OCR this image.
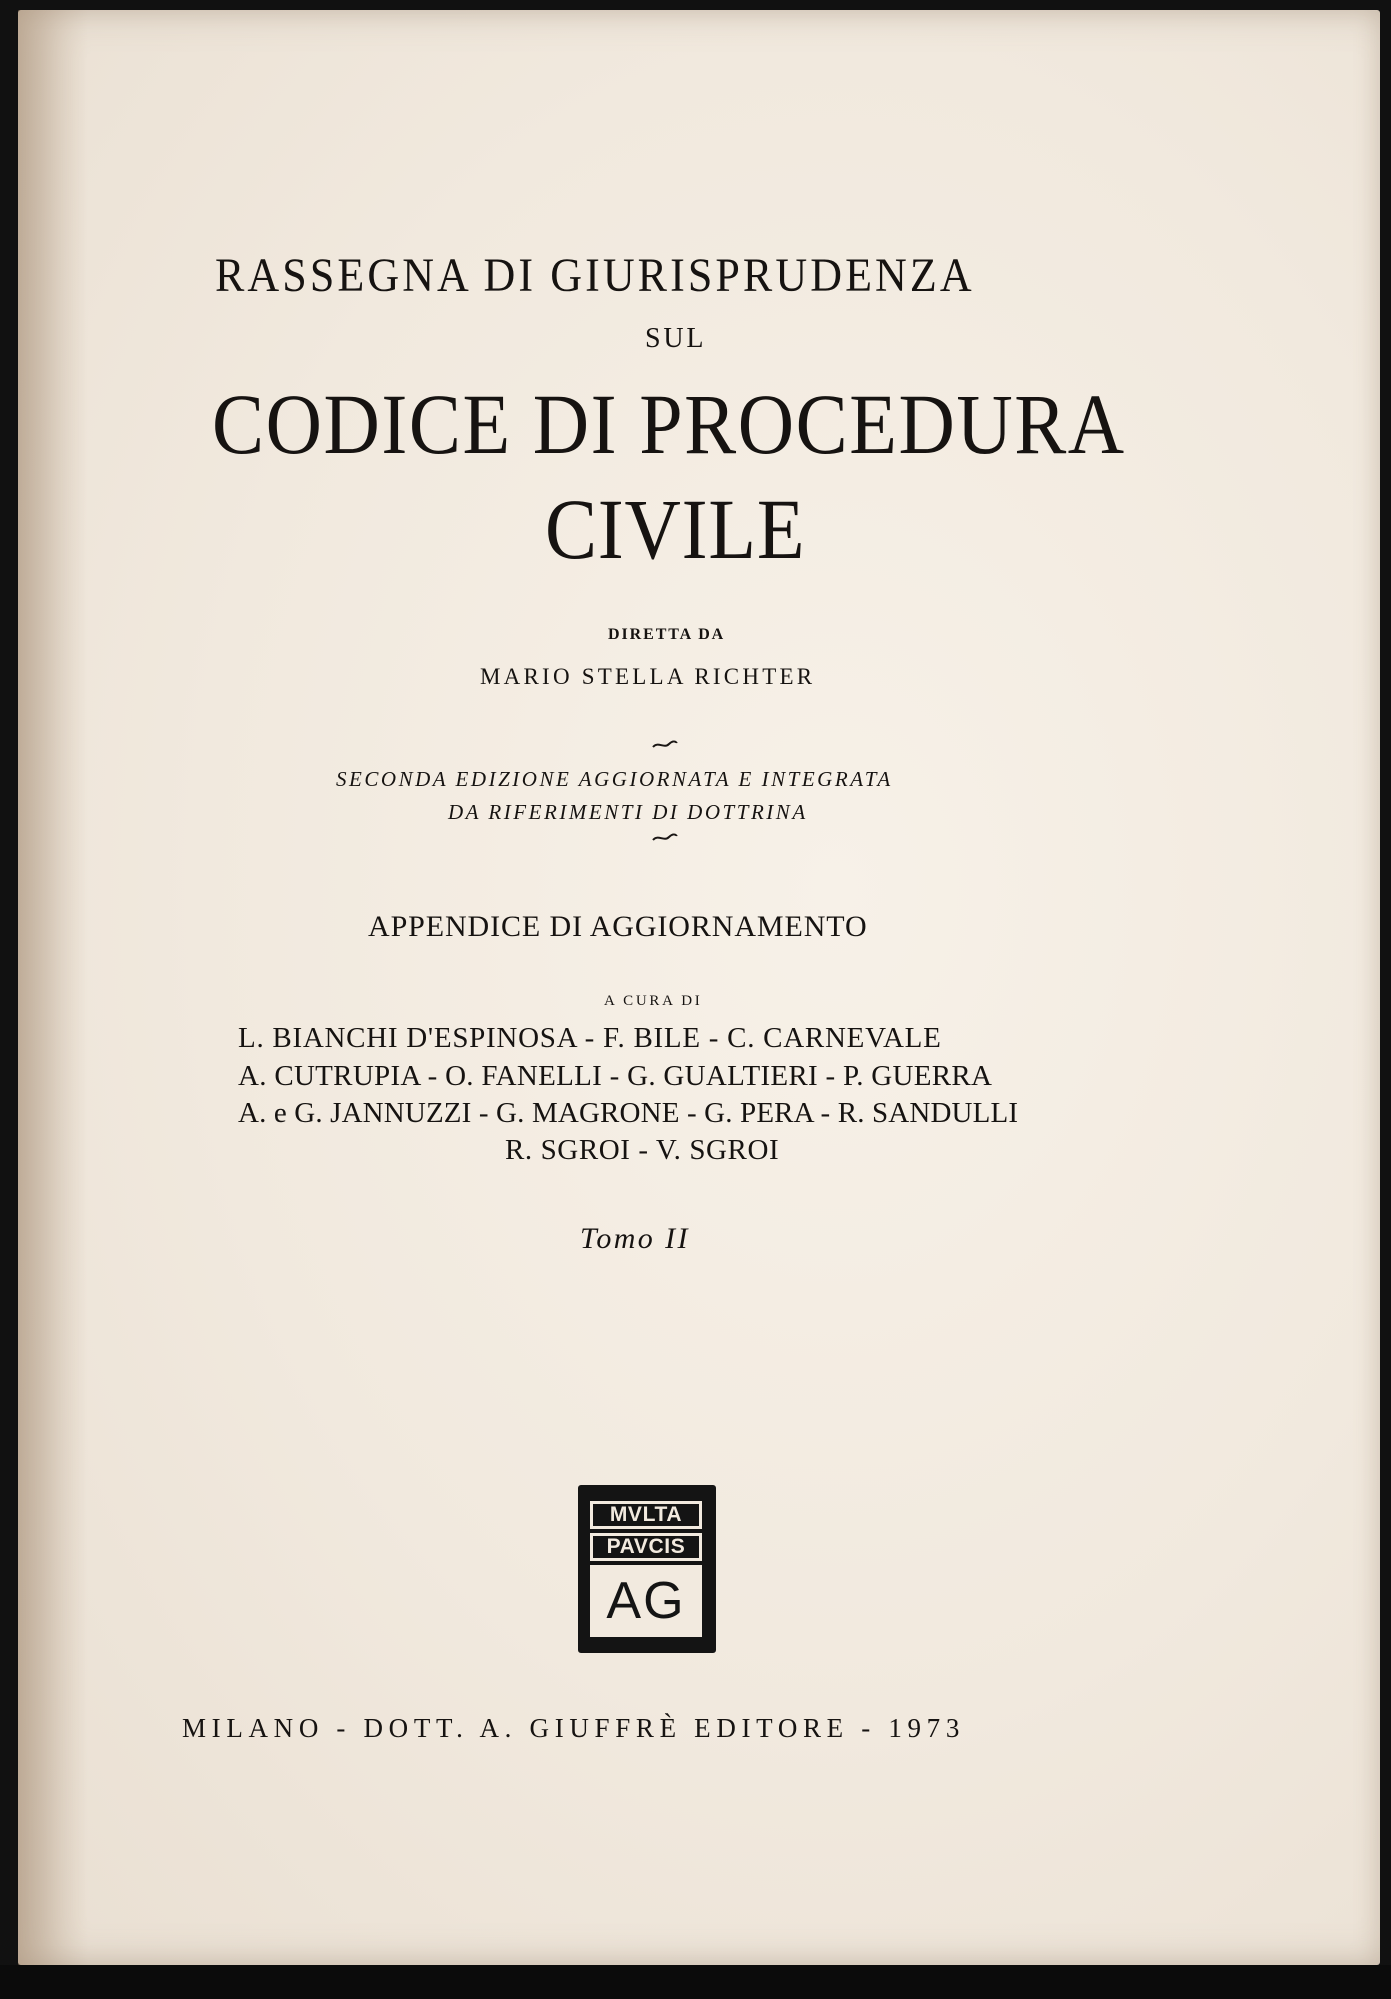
RASSEGNA DI GIURISPRUDENZA
SUL
CODICE DI PROCEDURA
CIVILE
DIRETTA DA
MARIO STELLA RICHTER
SECONDA EDIZIONE AGGIORNATA E INTEGRATA
DA RIFERIMENTI DI DOTTRINA
APPENDICE DI AGGIORNAMENTO
A CURA DI
L. BIANCHI D'ESPINOSA - F. BILE - C. CARNEVALE
A. CUTRUPIA - O. FANELLI - G. GUALTIERI - P. GUERRA
A. e G. JANNUZZI - G. MAGRONE - G. PERA - R. SANDULLI
R. SGROI - V. SGROI
Tomo II
MVLTA
PAVCIS
AG
MILANO - DOTT. A. GIUFFRÈ EDITORE - 1973
